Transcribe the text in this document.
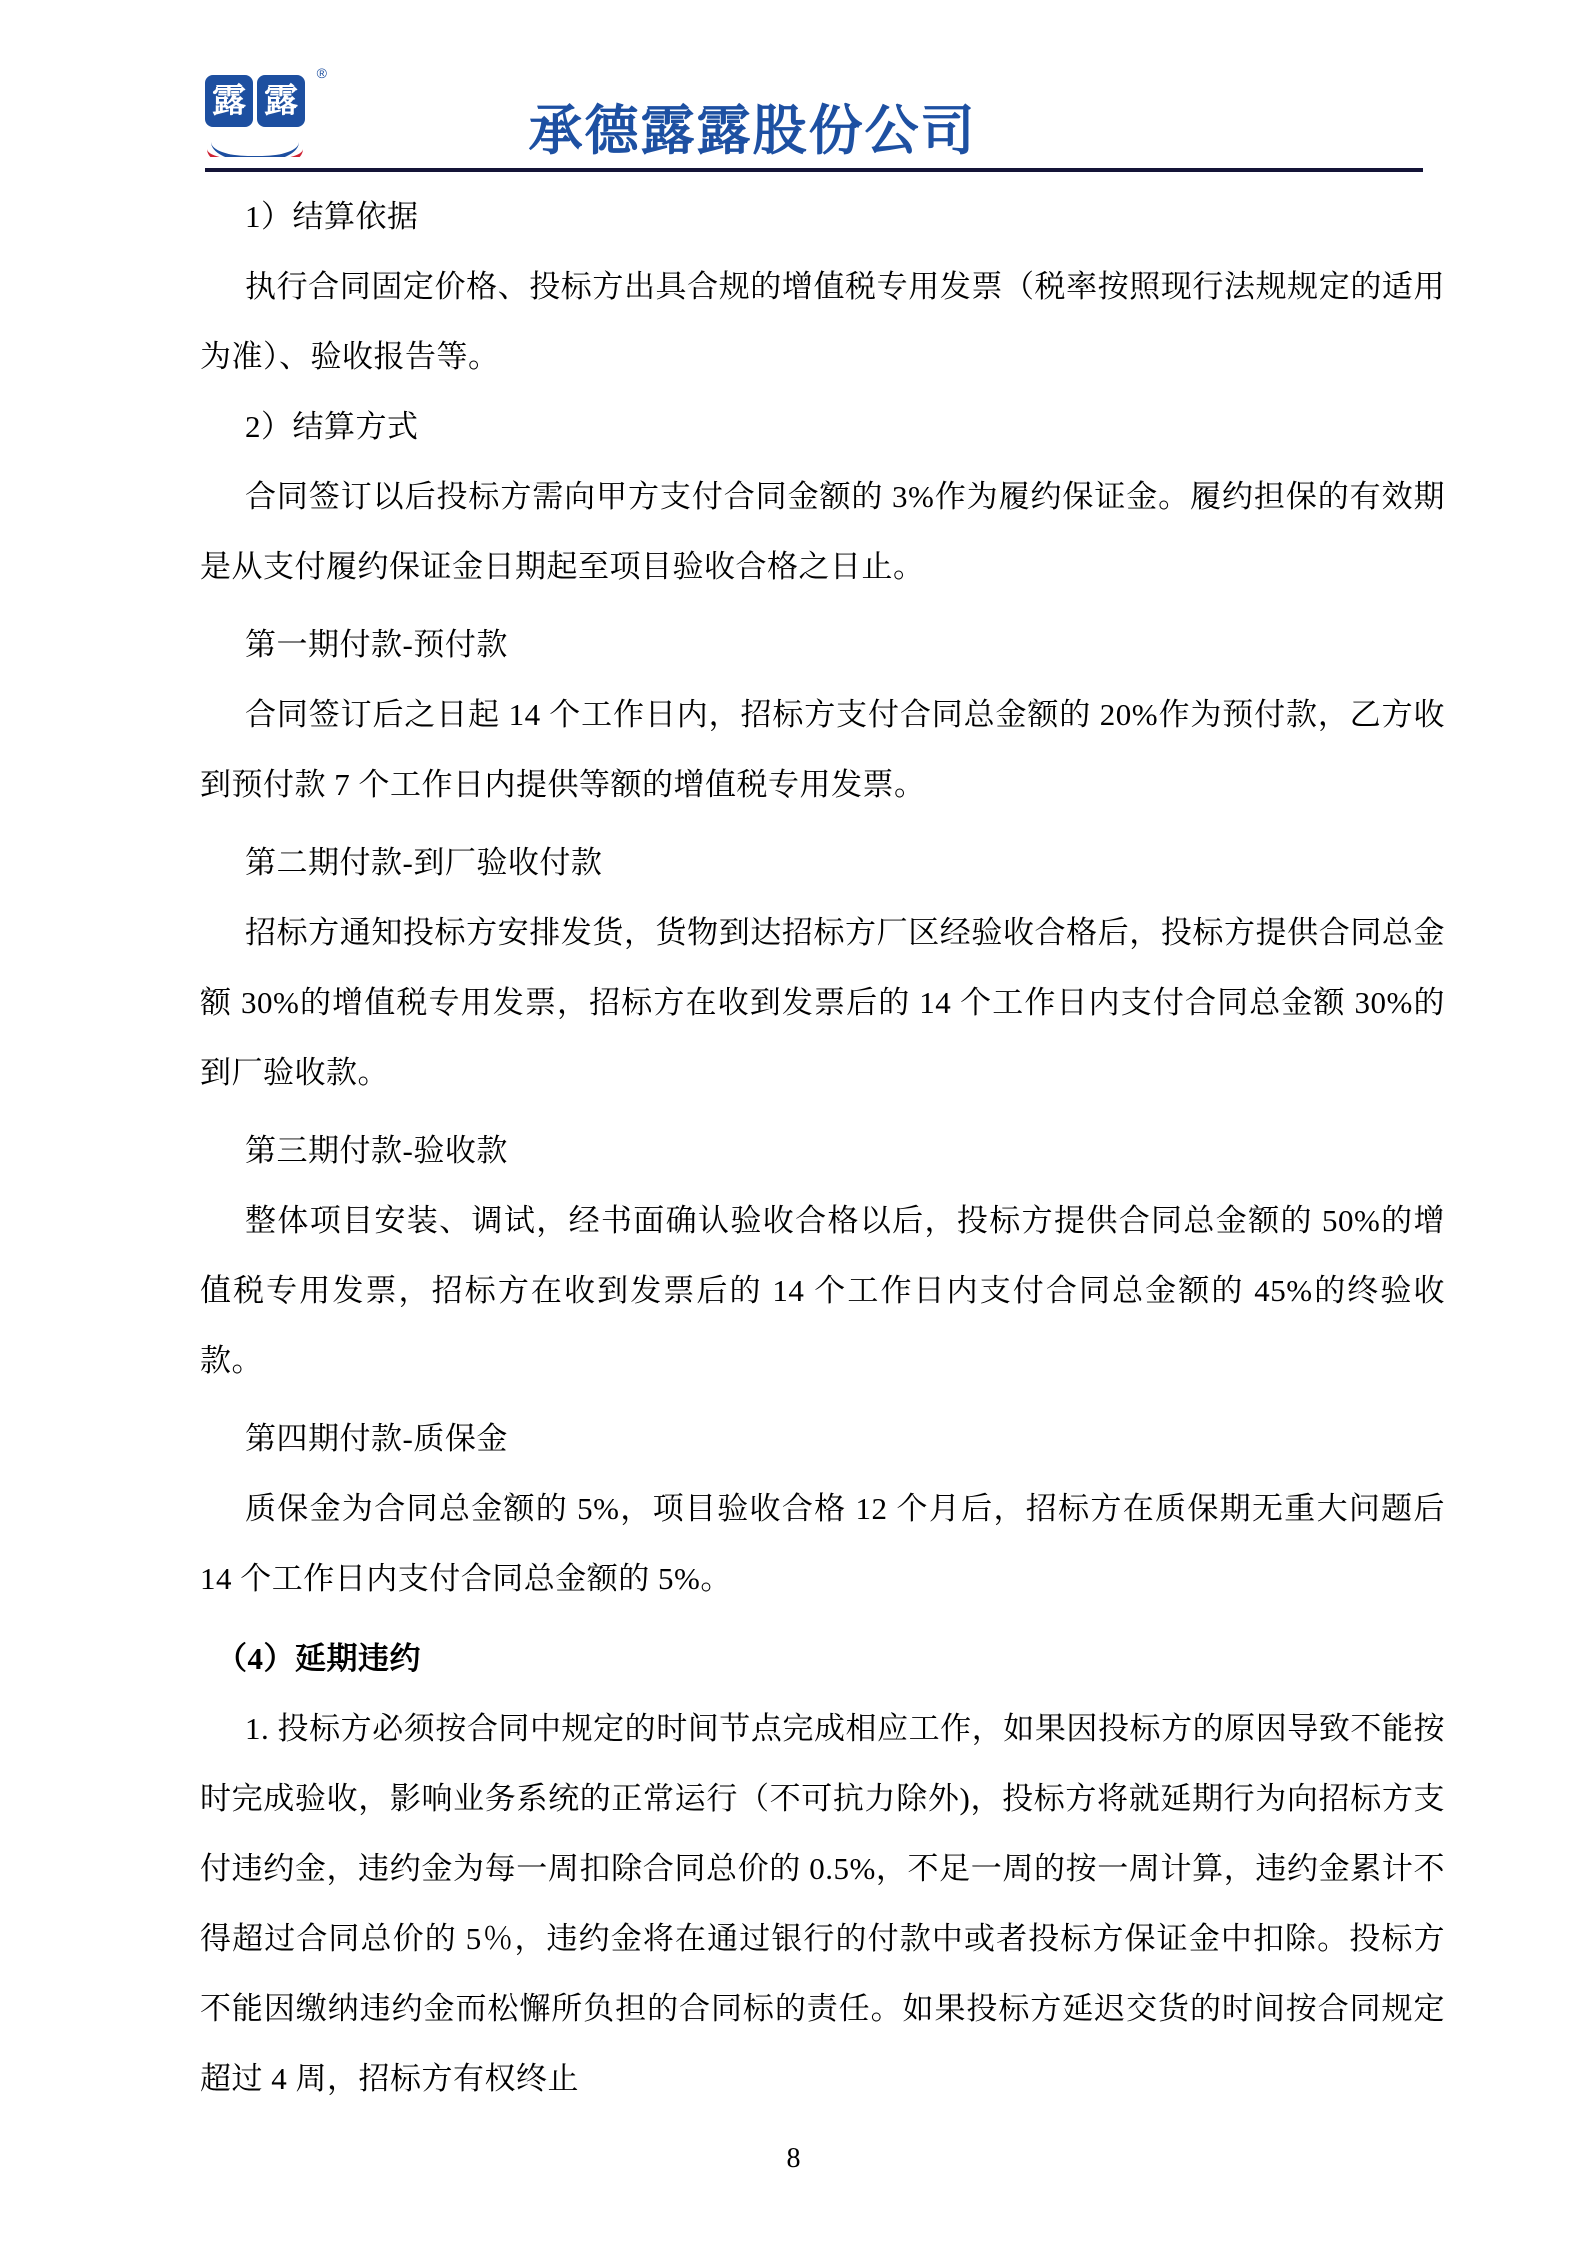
露 露
®
承德露露股份公司

1）结算依据

执行合同固定价格、投标方出具合规的增值税专用发票（税率按照现行法规规定的适用为准）、验收报告等。

2）结算方式

合同签订以后投标方需向甲方支付合同金额的 3%作为履约保证金。履约担保的有效期是从支付履约保证金日期起至项目验收合格之日止。

第一期付款-预付款

合同签订后之日起 14 个工作日内，招标方支付合同总金额的 20%作为预付款，乙方收到预付款 7 个工作日内提供等额的增值税专用发票。

第二期付款-到厂验收付款

招标方通知投标方安排发货，货物到达招标方厂区经验收合格后，投标方提供合同总金额 30%的增值税专用发票，招标方在收到发票后的 14 个工作日内支付合同总金额 30%的到厂验收款。

第三期付款-验收款

整体项目安装、调试，经书面确认验收合格以后，投标方提供合同总金额的 50%的增值税专用发票，招标方在收到发票后的 14 个工作日内支付合同总金额的 45%的终验收款。

第四期付款-质保金

质保金为合同总金额的 5%，项目验收合格 12 个月后，招标方在质保期无重大问题后 14 个工作日内支付合同总金额的 5%。

（4）延期违约

1. 投标方必须按合同中规定的时间节点完成相应工作，如果因投标方的原因导致不能按时完成验收，影响业务系统的正常运行（不可抗力除外)，投标方将就延期行为向招标方支付违约金，违约金为每一周扣除合同总价的 0.5%，不足一周的按一周计算，违约金累计不得超过合同总价的 5％，违约金将在通过银行的付款中或者投标方保证金中扣除。投标方不能因缴纳违约金而松懈所负担的合同标的责任。如果投标方延迟交货的时间按合同规定超过 4 周，招标方有权终止

8
